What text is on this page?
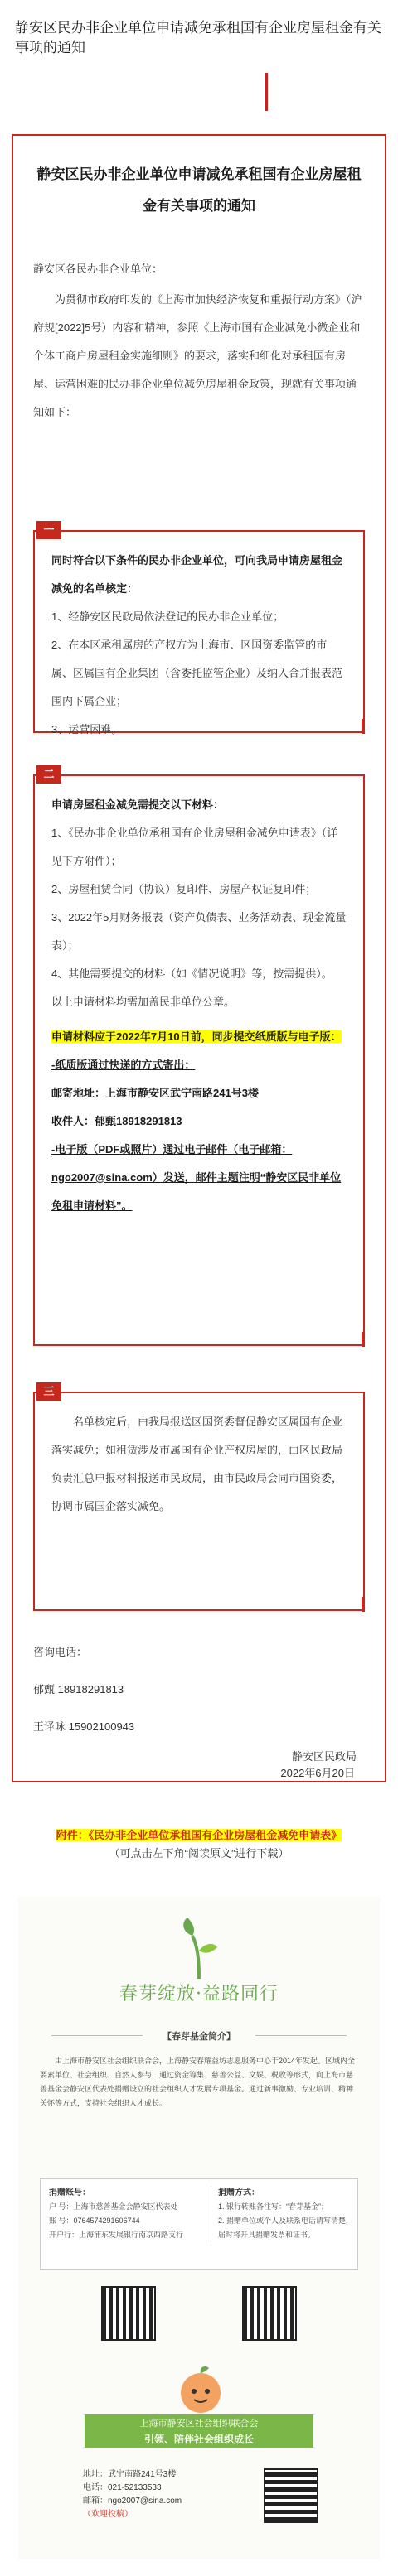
静安区民办非企业单位申请减免承租国有企业房屋租金有关事项的通知
静安区民办非企业单位申请减免承租国有企业房屋租金有关事项的通知
静安区各民办非企业单位：
为贯彻市政府印发的《上海市加快经济恢复和重振行动方案》（沪府规[2022]5号）内容和精神，参照《上海市国有企业减免小微企业和个体工商户房屋租金实施细则》的要求，落实和细化对承租国有房屋、运营困难的民办非企业单位减免房屋租金政策，现就有关事项通知如下：
一
同时符合以下条件的民办非企业单位，可向我局申请房屋租金减免的名单核定：
1、经静安区民政局依法登记的民办非企业单位；
2、在本区承租属房的产权方为上海市、区国资委监管的市属、区属国有企业集团（含委托监管企业）及纳入合并报表范围内下属企业；
3、运营困难。
二
申请房屋租金减免需提交以下材料：
1、《民办非企业单位承租国有企业房屋租金减免申请表》（详见下方附件）；
2、房屋租赁合同（协议）复印件、房屋产权证复印件；
3、2022年5月财务报表（资产负债表、业务活动表、现金流量表）；
4、其他需要提交的材料（如《情况说明》等，按需提供）。
以上申请材料均需加盖民非单位公章。
申请材料应于2022年7月10日前，同步提交纸质版与电子版：
-纸质版通过快递的方式寄出：
邮寄地址：上海市静安区武宁南路241号3楼
收件人：郁甄18918291813
-电子版（PDF或照片）通过电子邮件（电子邮箱：ngo2007@sina.com）发送，邮件主题注明“静安区民非单位免租申请材料”。
三
名单核定后，由我局报送区国资委督促静安区属国有企业落实减免；如租赁涉及市属国有企业产权房屋的，由区民政局负责汇总申报材料报送市民政局，由市民政局会同市国资委，协调市属国企落实减免。
咨询电话：
郁甄 18918291813
王译咏 15902100943
静安区民政局
2022年6月20日
附件：《民办非企业单位承租国有企业房屋租金减免申请表》
（可点击左下角“阅读原文”进行下载）
春芽绽放·益路同行
【春芽基金简介】
由上海市静安区社会组织联合会，上海静安春耀益坊志愿服务中心于2014年发起。区域内全要素单位、社会组织、自然人参与，通过资金筹集、慈善公益、文娱、税收等形式，向上海市慈善基金会静安区代表处捐赠设立的社会组织人才发展专项基金。通过新事激励、专业培训、精神关怀等方式，支持社会组织人才成长。
捐赠账号：
户 号：上海市慈善基金会静安区代表处
账 号：0764574291606744
开户行：上海浦东发展银行南京西路支行
捐赠方式：
1. 银行转账备注写：“春芽基金”；
2. 捐赠单位或个人及联系电话请写清楚，届时将开具捐赠发票和证书。
上海市静安区社会组织联合会
引领、陪伴社会组织成长
地址：武宁南路241号3楼
电话：021-52133533
邮箱：ngo2007@sina.com
（欢迎投稿）
